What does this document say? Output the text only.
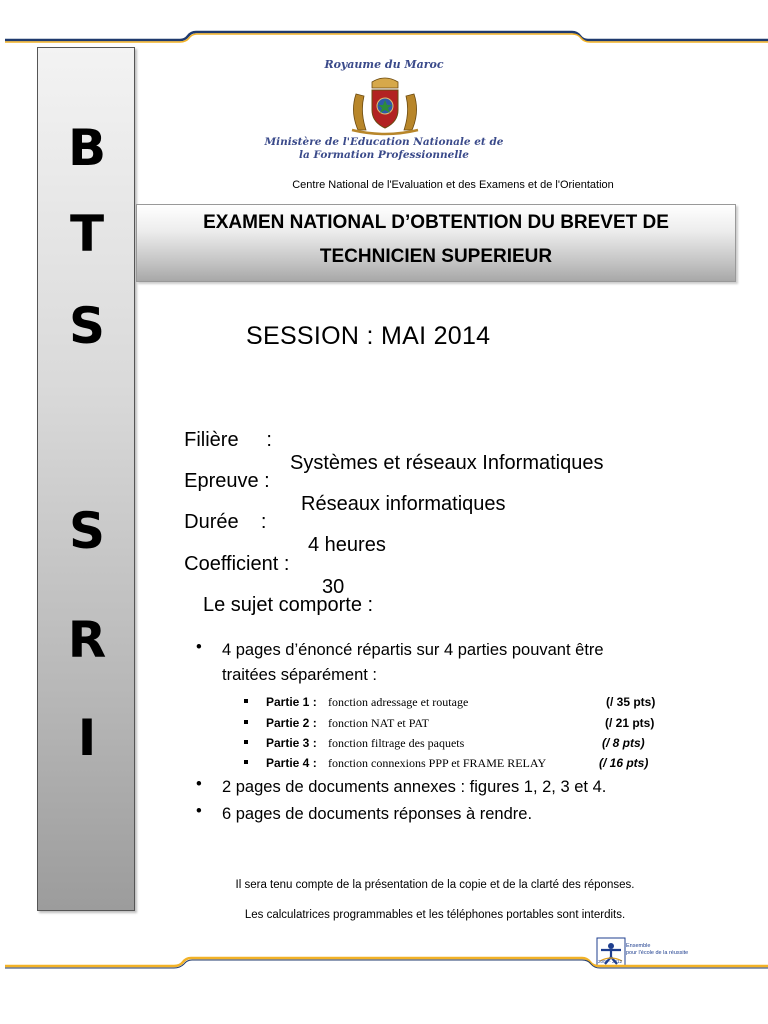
B
T
S
S
R
I
Royaume du Maroc
Ministère de l'Education Nationale et de
la Formation Professionnelle
Centre National de l'Evaluation et des Examens et de l'Orientation
EXAMEN NATIONAL D’OBTENTION DU BREVET DE
TECHNICIEN SUPERIEUR
SESSION : MAI 2014

Filière     :

Systèmes et réseaux Informatiques

Epreuve :

Réseaux informatiques

Durée    :

4 heures

Coefficient :

30

Le sujet comporte :
• 4 pages d’énoncé répartis sur 4 parties pouvant être
traitées séparément :
Partie 1 : fonction adressage et routage	(/ 35 pts)
Partie 2 : fonction NAT et PAT	(/ 21 pts)
Partie 3 : fonction filtrage des paquets	(/ 8 pts)
Partie 4 : fonction connexions PPP et FRAME RELAY	(/ 16 pts)
• 2 pages de documents annexes : figures 1, 2, 3 et 4.
• 6 pages de documents réponses à rendre.
Il sera tenu compte de la présentation de la copie et de la clarté des réponses.
Les calculatrices programmables et les téléphones portables sont interdits.
Ensemble
pour l'école de la réussite
2009 - 2012
